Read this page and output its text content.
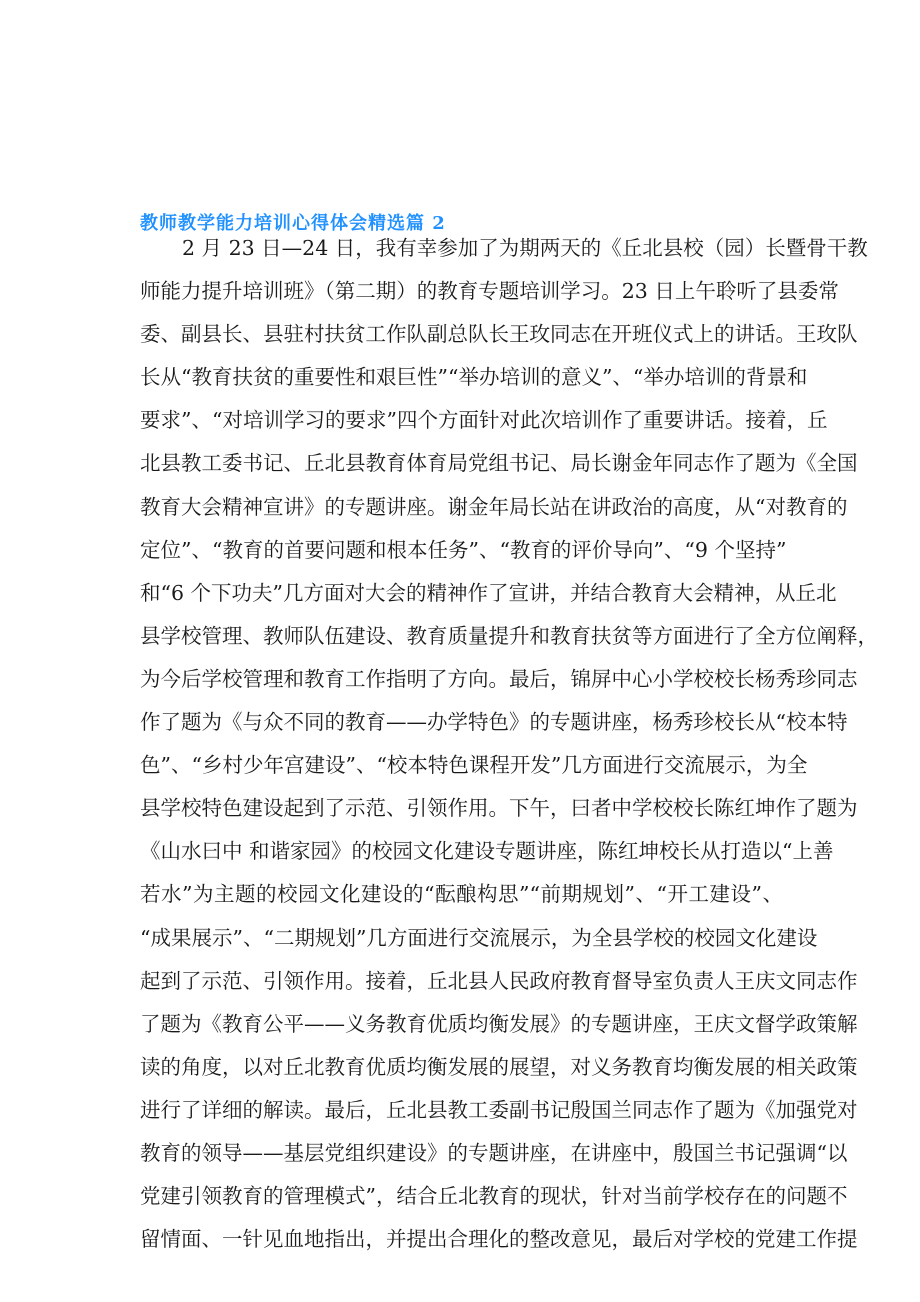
教师教学能力培训心得体会精选篇 2
2 月 23 日—24 日，我有幸参加了为期两天的《丘北县校（园）长暨骨干教
师能力提升培训班》（第二期）的教育专题培训学习。23 日上午聆听了县委常
委、副县长、县驻村扶贫工作队副总队长王玫同志在开班仪式上的讲话。王玫队
长从“教育扶贫的重要性和艰巨性”“举办培训的意义”、“举办培训的背景和
要求”、“对培训学习的要求”四个方面针对此次培训作了重要讲话。接着，丘
北县教工委书记、丘北县教育体育局党组书记、局长谢金年同志作了题为《全国
教育大会精神宣讲》的专题讲座。谢金年局长站在讲政治的高度，从“对教育的
定位”、“教育的首要问题和根本任务”、“教育的评价导向”、“9 个坚持”
和“6 个下功夫”几方面对大会的精神作了宣讲，并结合教育大会精神，从丘北
县学校管理、教师队伍建设、教育质量提升和教育扶贫等方面进行了全方位阐释，
为今后学校管理和教育工作指明了方向。最后，锦屏中心小学校校长杨秀珍同志
作了题为《与众不同的教育——办学特色》的专题讲座，杨秀珍校长从“校本特
色”、“乡村少年宫建设”、“校本特色课程开发”几方面进行交流展示，为全
县学校特色建设起到了示范、引领作用。下午，曰者中学校校长陈红坤作了题为
《山水曰中 和谐家园》的校园文化建设专题讲座，陈红坤校长从打造以“上善
若水”为主题的校园文化建设的“酝酿构思”“前期规划”、“开工建设”、
“成果展示”、“二期规划”几方面进行交流展示，为全县学校的校园文化建设
起到了示范、引领作用。接着，丘北县人民政府教育督导室负责人王庆文同志作
了题为《教育公平——义务教育优质均衡发展》的专题讲座，王庆文督学政策解
读的角度，以对丘北教育优质均衡发展的展望，对义务教育均衡发展的相关政策
进行了详细的解读。最后，丘北县教工委副书记殷国兰同志作了题为《加强党对
教育的领导——基层党组织建设》的专题讲座，在讲座中，殷国兰书记强调“以
党建引领教育的管理模式”，结合丘北教育的现状，针对当前学校存在的问题不
留情面、一针见血地指出，并提出合理化的整改意见，最后对学校的党建工作提
